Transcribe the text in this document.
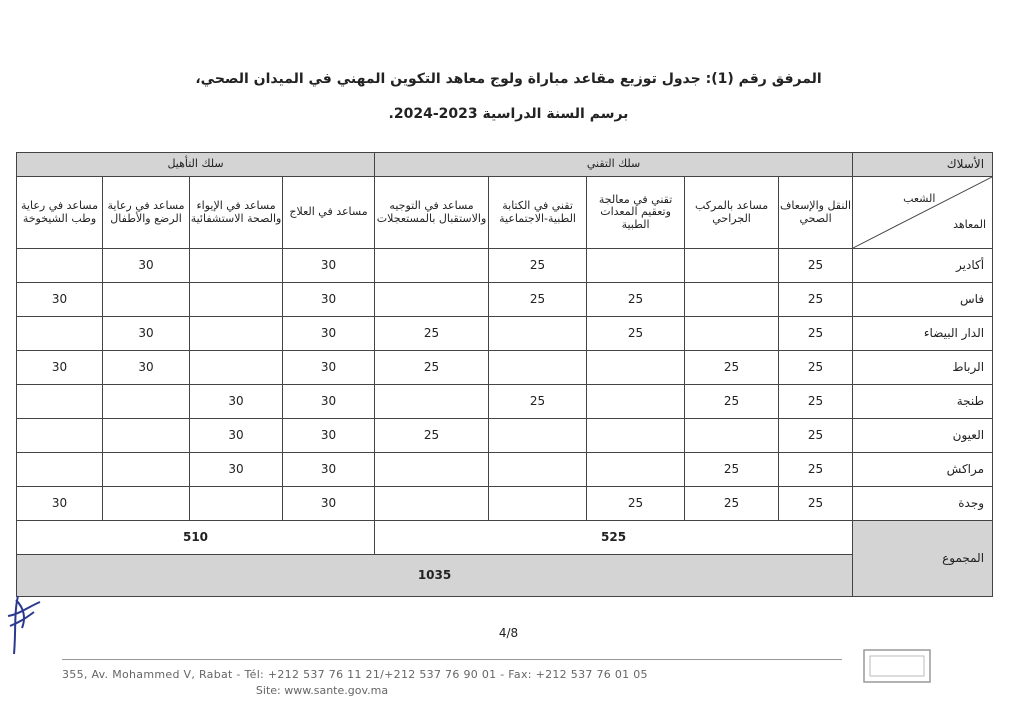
المرفق رقم (1): جدول توزيع مقاعد مباراة ولوج معاهد التكوين المهني في الميدان الصحي،
برسم السنة الدراسية 2023-2024.
الأسلاك	سلك التقني					سلك التأهيل			

الشعب
المعاهد	النقل والإسعاف الصحي	مساعد بالمركب الجراحي	تقني في معالجة وتعقيم المعدات الطبية	تقني في الكتابة الطبية-الاجتماعية	مساعد في التوجيه والاستقبال بالمستعجلات	مساعد في العلاج	مساعد في الإيواء والصحة الاستشفائية	مساعد في رعاية الرضع والأطفال	مساعد في رعاية وطب الشيخوخة
أكادير	25			25		30		30	
فاس	25		25	25		30			30
الدار البيضاء	25		25		25	30		30	
الرباط	25	25			25	30		30	30
طنجة	25	25		25		30	30		
العيون	25				25	30	30		
مراكش	25	25				30	30		
وجدة	25	25	25			30			30
المجموع	525					510			
	1035								
4/8
355, Av. Mohammed V, Rabat - Tél: +212 537 76 11 21/+212 537 76 90 01 - Fax: +212 537 76 01 05
Site: www.sante.gov.ma
